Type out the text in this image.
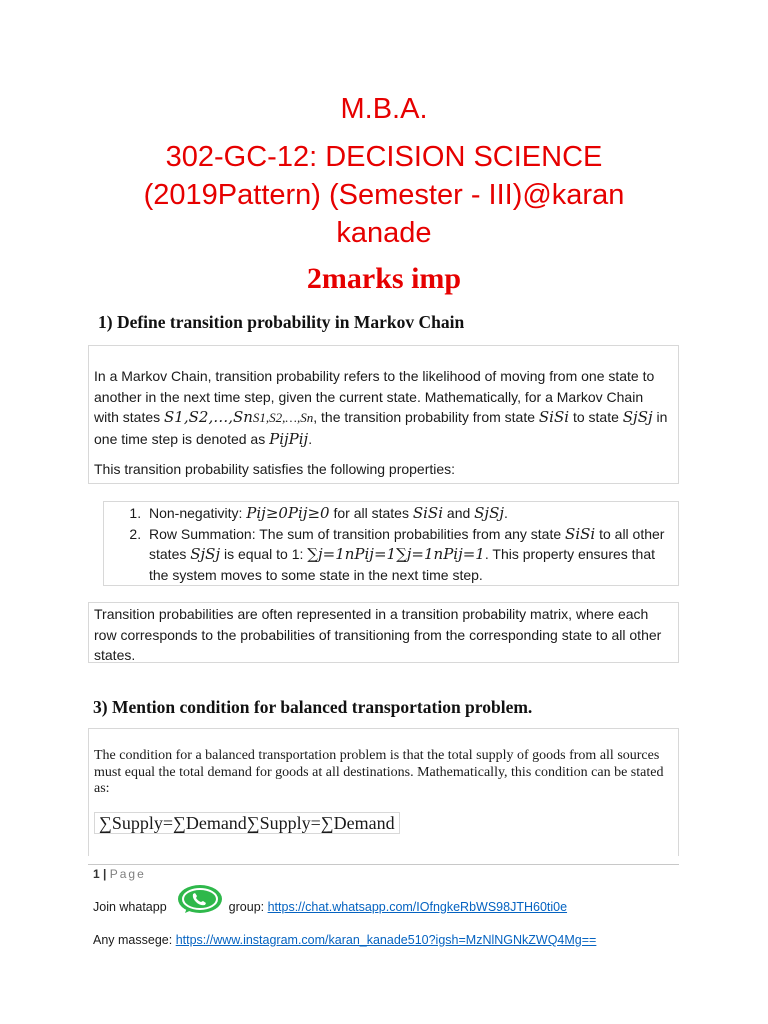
M.B.A.
302-GC-12: DECISION SCIENCE
(2019Pattern) (Semester - III)@karan
kanade
2marks imp
1) Define transition probability in Markov Chain
In a Markov Chain, transition probability refers to the likelihood of moving from one state to another in the next time step, given the current state. Mathematically, for a Markov Chain with states S1,S2,…,SnS1,S2,…,Sn, the transition probability from state SiSi to state SjSj in one time step is denoted as PijPij.
This transition probability satisfies the following properties:
1. Non-negativity: Pij≥0Pij≥0 for all states SiSi and SjSj.
2. Row Summation: The sum of transition probabilities from any state SiSi to all other states SjSj is equal to 1: ∑j=1nPij=1∑j=1nPij=1. This property ensures that the system moves to some state in the next time step.
Transition probabilities are often represented in a transition probability matrix, where each row corresponds to the probabilities of transitioning from the corresponding state to all other states.
3) Mention condition for balanced transportation problem.
The condition for a balanced transportation problem is that the total supply of goods from all sources must equal the total demand for goods at all destinations. Mathematically, this condition can be stated as:
∑Supply=∑Demand∑Supply=∑Demand
1 | Page
Join whatapp	group: https://chat.whatsapp.com/IOfngkeRbWS98JTH60ti0e
Any massege: https://www.instagram.com/karan_kanade510?igsh=MzNlNGNkZWQ4Mg==
